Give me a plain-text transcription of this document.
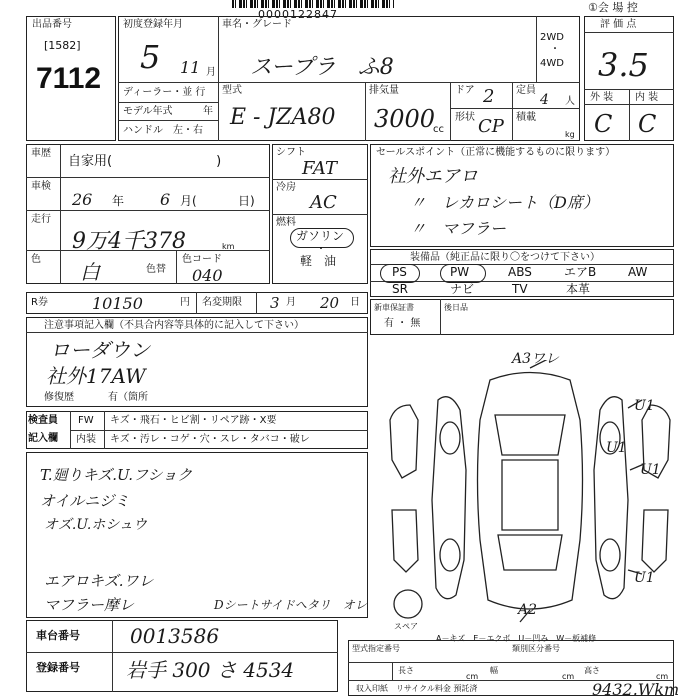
0000122847
①会 場 控
出品番号
[1582]
7112
初度登録年月
5 11 月
ディーラー・並 行
モデル年式	年
ハンドル　左・右
車名・グレード
スープラ　ふ8
2WD
・
4WD
型式
E - JZA80
排気量
3000
cc
ドア 2 定員
4 人
形状 CP 積載
kg
評 価 点
3.5
外 装 内 装
C C
車歴
自家用(　　　　　　　　)
車検
26 年 6 月(	日)
走行
9万4千378	km
色
白	色替
色コード
040
シフト
FAT
冷房
AC
燃料
ガソリン
・
軽　油
セールスポイント（正常に機能するものに限ります）
社外エアロ
〃　レカロシート（D席）
〃　マフラー
装備品（純正品に限り〇をつけて下さい）
PS	PW	ABS	エアB	AW
SR	ナビ	TV	本革
R券	10150	円 名変期限 3 月 20 日 新車保証書
有 ・ 無
後日品
注意事項記入欄（不具合内容等具体的に記入して下さい）
ローダウン
社外17AW
修復歴	有（箇所
検査員
記入欄
FW キズ・飛石・ヒビ割・リペア跡・X要
内装 キズ・汚レ・コゲ・穴・スレ・タバコ・破レ
T.廻りキズ.U.フショク
オイルニジミ
オズ.U.ホシュウ
エアロキズ.ワレ
マフラー摩レ	Dシートサイドへタリ　オレ
A3ワレ
U1
U1
U1
U1
A2
スペア
A－キズ　E－エクボ　U－凹み　W－板補修
車台番号	0013586
登録番号 岩手 300 さ 4534
型式指定番号	類別区分番号
長さ
cm
幅
cm
高さ
cm
収入印紙　リサイクル料金 預託済	9432.Wkm
